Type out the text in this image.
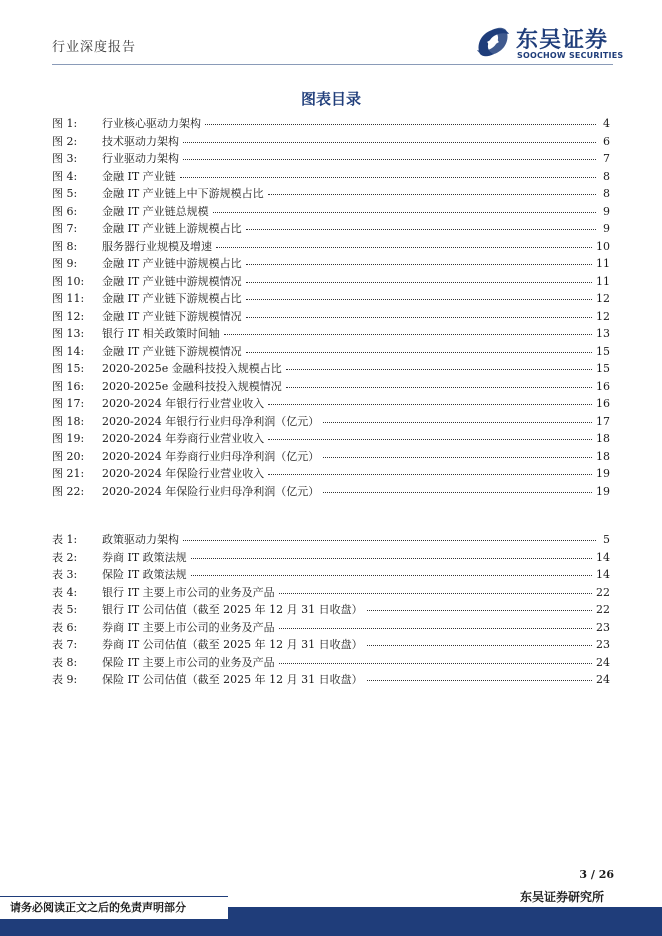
行业深度报告	东吴证券
SOOCHOW SECURITIES
图表目录
图 1:	行业核心驱动力架构	4
图 2:	技术驱动力架构	6
图 3:	行业驱动力架构	7
图 4:	金融 IT 产业链	8
图 5:	金融 IT 产业链上中下游规模占比	8
图 6:	金融 IT 产业链总规模	9
图 7:	金融 IT 产业链上游规模占比	9
图 8:	服务器行业规模及增速	10
图 9:	金融 IT 产业链中游规模占比	11
图 10:	金融 IT 产业链中游规模情况	11
图 11:	金融 IT 产业链下游规模占比	12
图 12:	金融 IT 产业链下游规模情况	12
图 13:	银行 IT 相关政策时间轴	13
图 14:	金融 IT 产业链下游规模情况	15
图 15:	2020-2025e 金融科技投入规模占比	15
图 16:	2020-2025e 金融科技投入规模情况	16
图 17:	2020-2024 年银行行业营业收入	16
图 18:	2020-2024 年银行行业归母净利润（亿元）	17
图 19:	2020-2024 年券商行业营业收入	18
图 20:	2020-2024 年券商行业归母净利润（亿元）	18
图 21:	2020-2024 年保险行业营业收入	19
图 22:	2020-2024 年保险行业归母净利润（亿元）	19
表 1:	政策驱动力架构	5
表 2:	券商 IT 政策法规	14
表 3:	保险 IT 政策法规	14
表 4:	银行 IT 主要上市公司的业务及产品	22
表 5:	银行 IT 公司估值（截至 2025 年 12 月 31 日收盘）	22
表 6:	券商 IT 主要上市公司的业务及产品	23
表 7:	券商 IT 公司估值（截至 2025 年 12 月 31 日收盘）	23
表 8:	保险 IT 主要上市公司的业务及产品	24
表 9:	保险 IT 公司估值（截至 2025 年 12 月 31 日收盘）	24
3 / 26
请务必阅读正文之后的免责声明部分
东吴证券研究所
